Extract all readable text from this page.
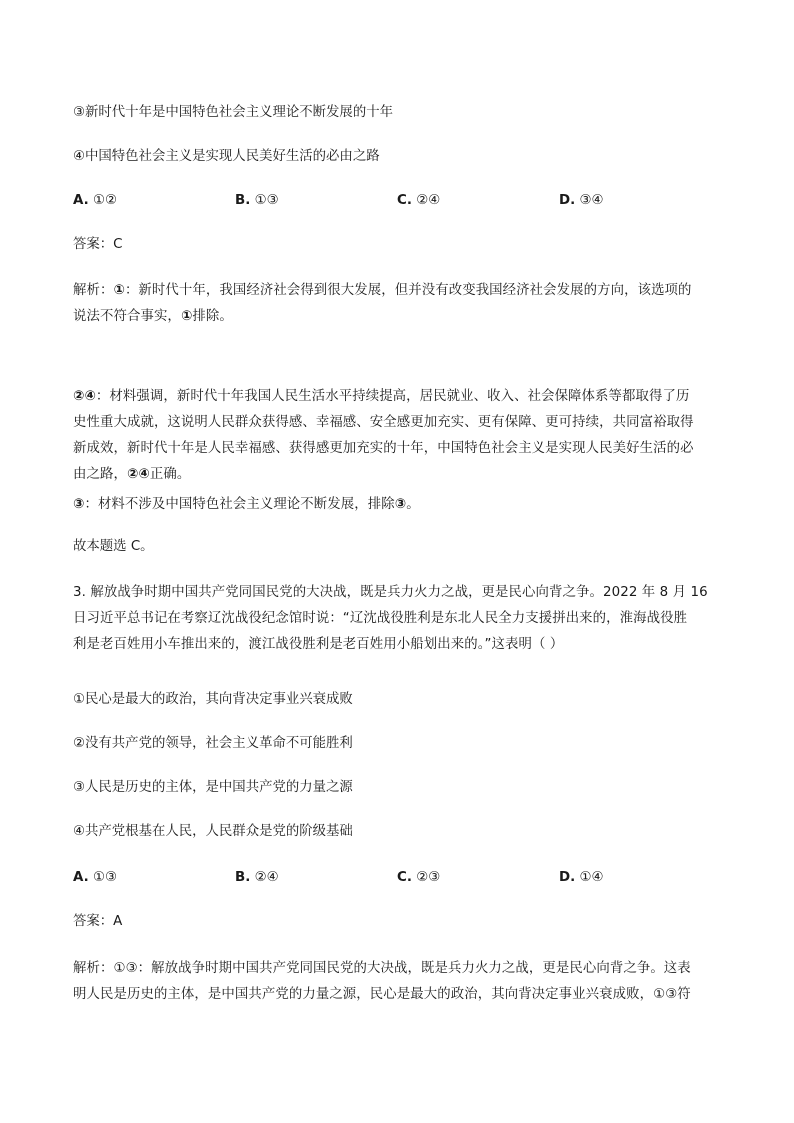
③新时代十年是中国特色社会主义理论不断发展的十年
④中国特色社会主义是实现人民美好生活的必由之路
A. ①②	B. ①③	C. ②④	D. ③④
答案：C
解析：①：新时代十年，我国经济社会得到很大发展，但并没有改变我国经济社会发展的方向，该选项的
说法不符合事实，①排除。
②④：材料强调，新时代十年我国人民生活水平持续提高，居民就业、收入、社会保障体系等都取得了历
史性重大成就，这说明人民群众获得感、幸福感、安全感更加充实、更有保障、更可持续，共同富裕取得
新成效，新时代十年是人民幸福感、获得感更加充实的十年，中国特色社会主义是实现人民美好生活的必
由之路，②④正确。
③：材料不涉及中国特色社会主义理论不断发展，排除③。
故本题选 C。
3. 解放战争时期中国共产党同国民党的大决战，既是兵力火力之战，更是民心向背之争。2022 年 8 月 16
日习近平总书记在考察辽沈战役纪念馆时说：“辽沈战役胜利是东北人民全力支援拼出来的，淮海战役胜
利是老百姓用小车推出来的，渡江战役胜利是老百姓用小船划出来的。”这表明（ ）
①民心是最大的政治，其向背决定事业兴衰成败
②没有共产党的领导，社会主义革命不可能胜利
③人民是历史的主体，是中国共产党的力量之源
④共产党根基在人民，人民群众是党的阶级基础
A. ①③	B. ②④	C. ②③	D. ①④
答案：A
解析：①③：解放战争时期中国共产党同国民党的大决战，既是兵力火力之战，更是民心向背之争。这表
明人民是历史的主体，是中国共产党的力量之源，民心是最大的政治，其向背决定事业兴衰成败，①③符
